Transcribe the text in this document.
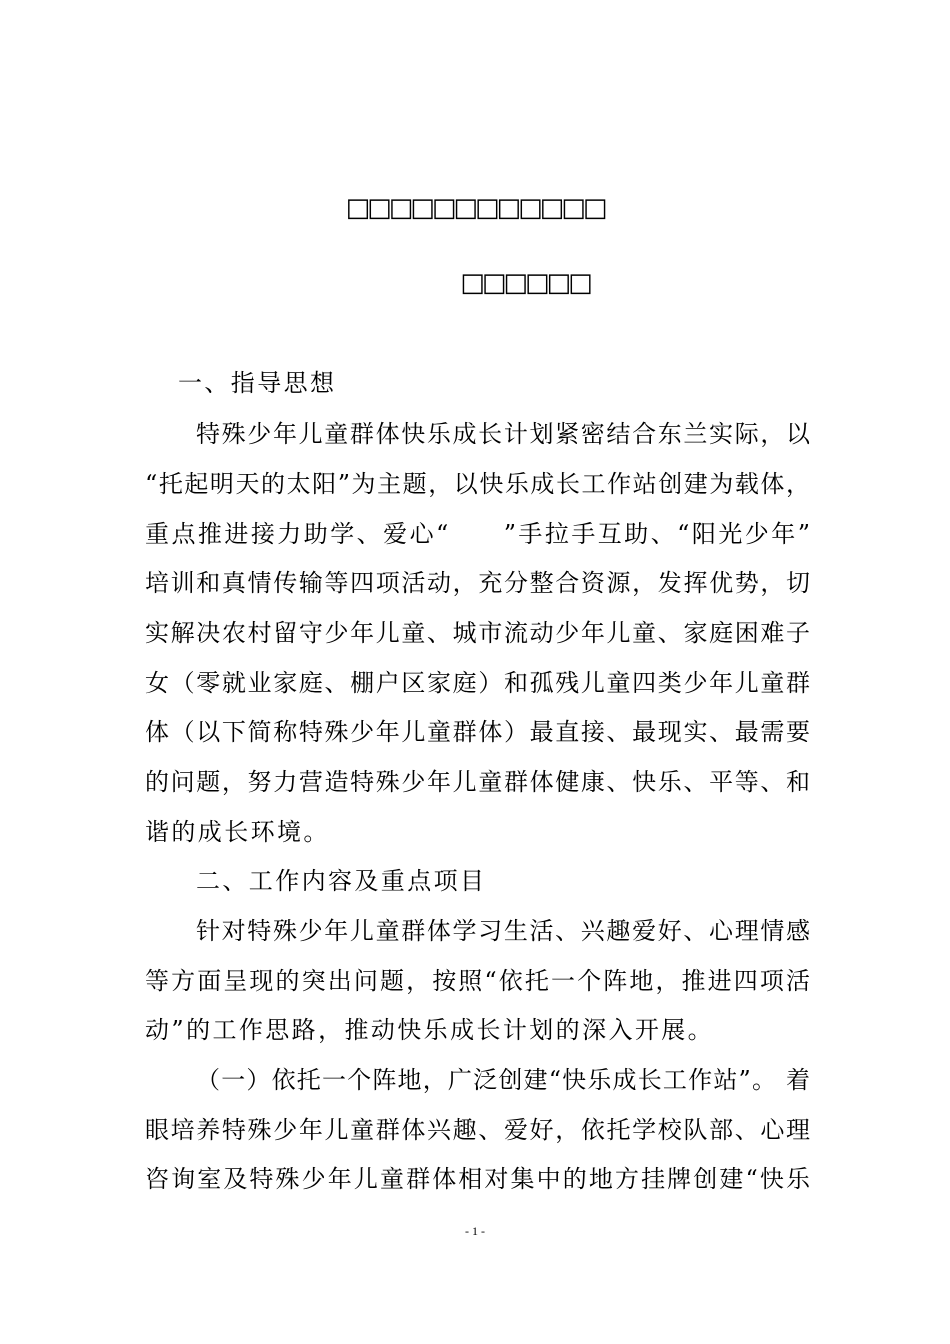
□□□□□□□□□□□□
□□□□□□
一、指导思想
特殊少年儿童群体快乐成长计划紧密结合东兰实际，以
“托起明天的太阳”为主题，以快乐成长工作站创建为载体，
重点推进接力助学、爱心“　　”手拉手互助、“阳光少年”
培训和真情传输等四项活动，充分整合资源，发挥优势，切
实解决农村留守少年儿童、城市流动少年儿童、家庭困难子
女（零就业家庭、棚户区家庭）和孤残儿童四类少年儿童群
体（以下简称特殊少年儿童群体）最直接、最现实、最需要
的问题，努力营造特殊少年儿童群体健康、快乐、平等、和
谐的成长环境。
二、工作内容及重点项目
针对特殊少年儿童群体学习生活、兴趣爱好、心理情感
等方面呈现的突出问题，按照“依托一个阵地，推进四项活
动”的工作思路，推动快乐成长计划的深入开展。
（一）依托一个阵地，广泛创建“快乐成长工作站”。 着
眼培养特殊少年儿童群体兴趣、爱好，依托学校队部、心理
咨询室及特殊少年儿童群体相对集中的地方挂牌创建“快乐
- 1 -
